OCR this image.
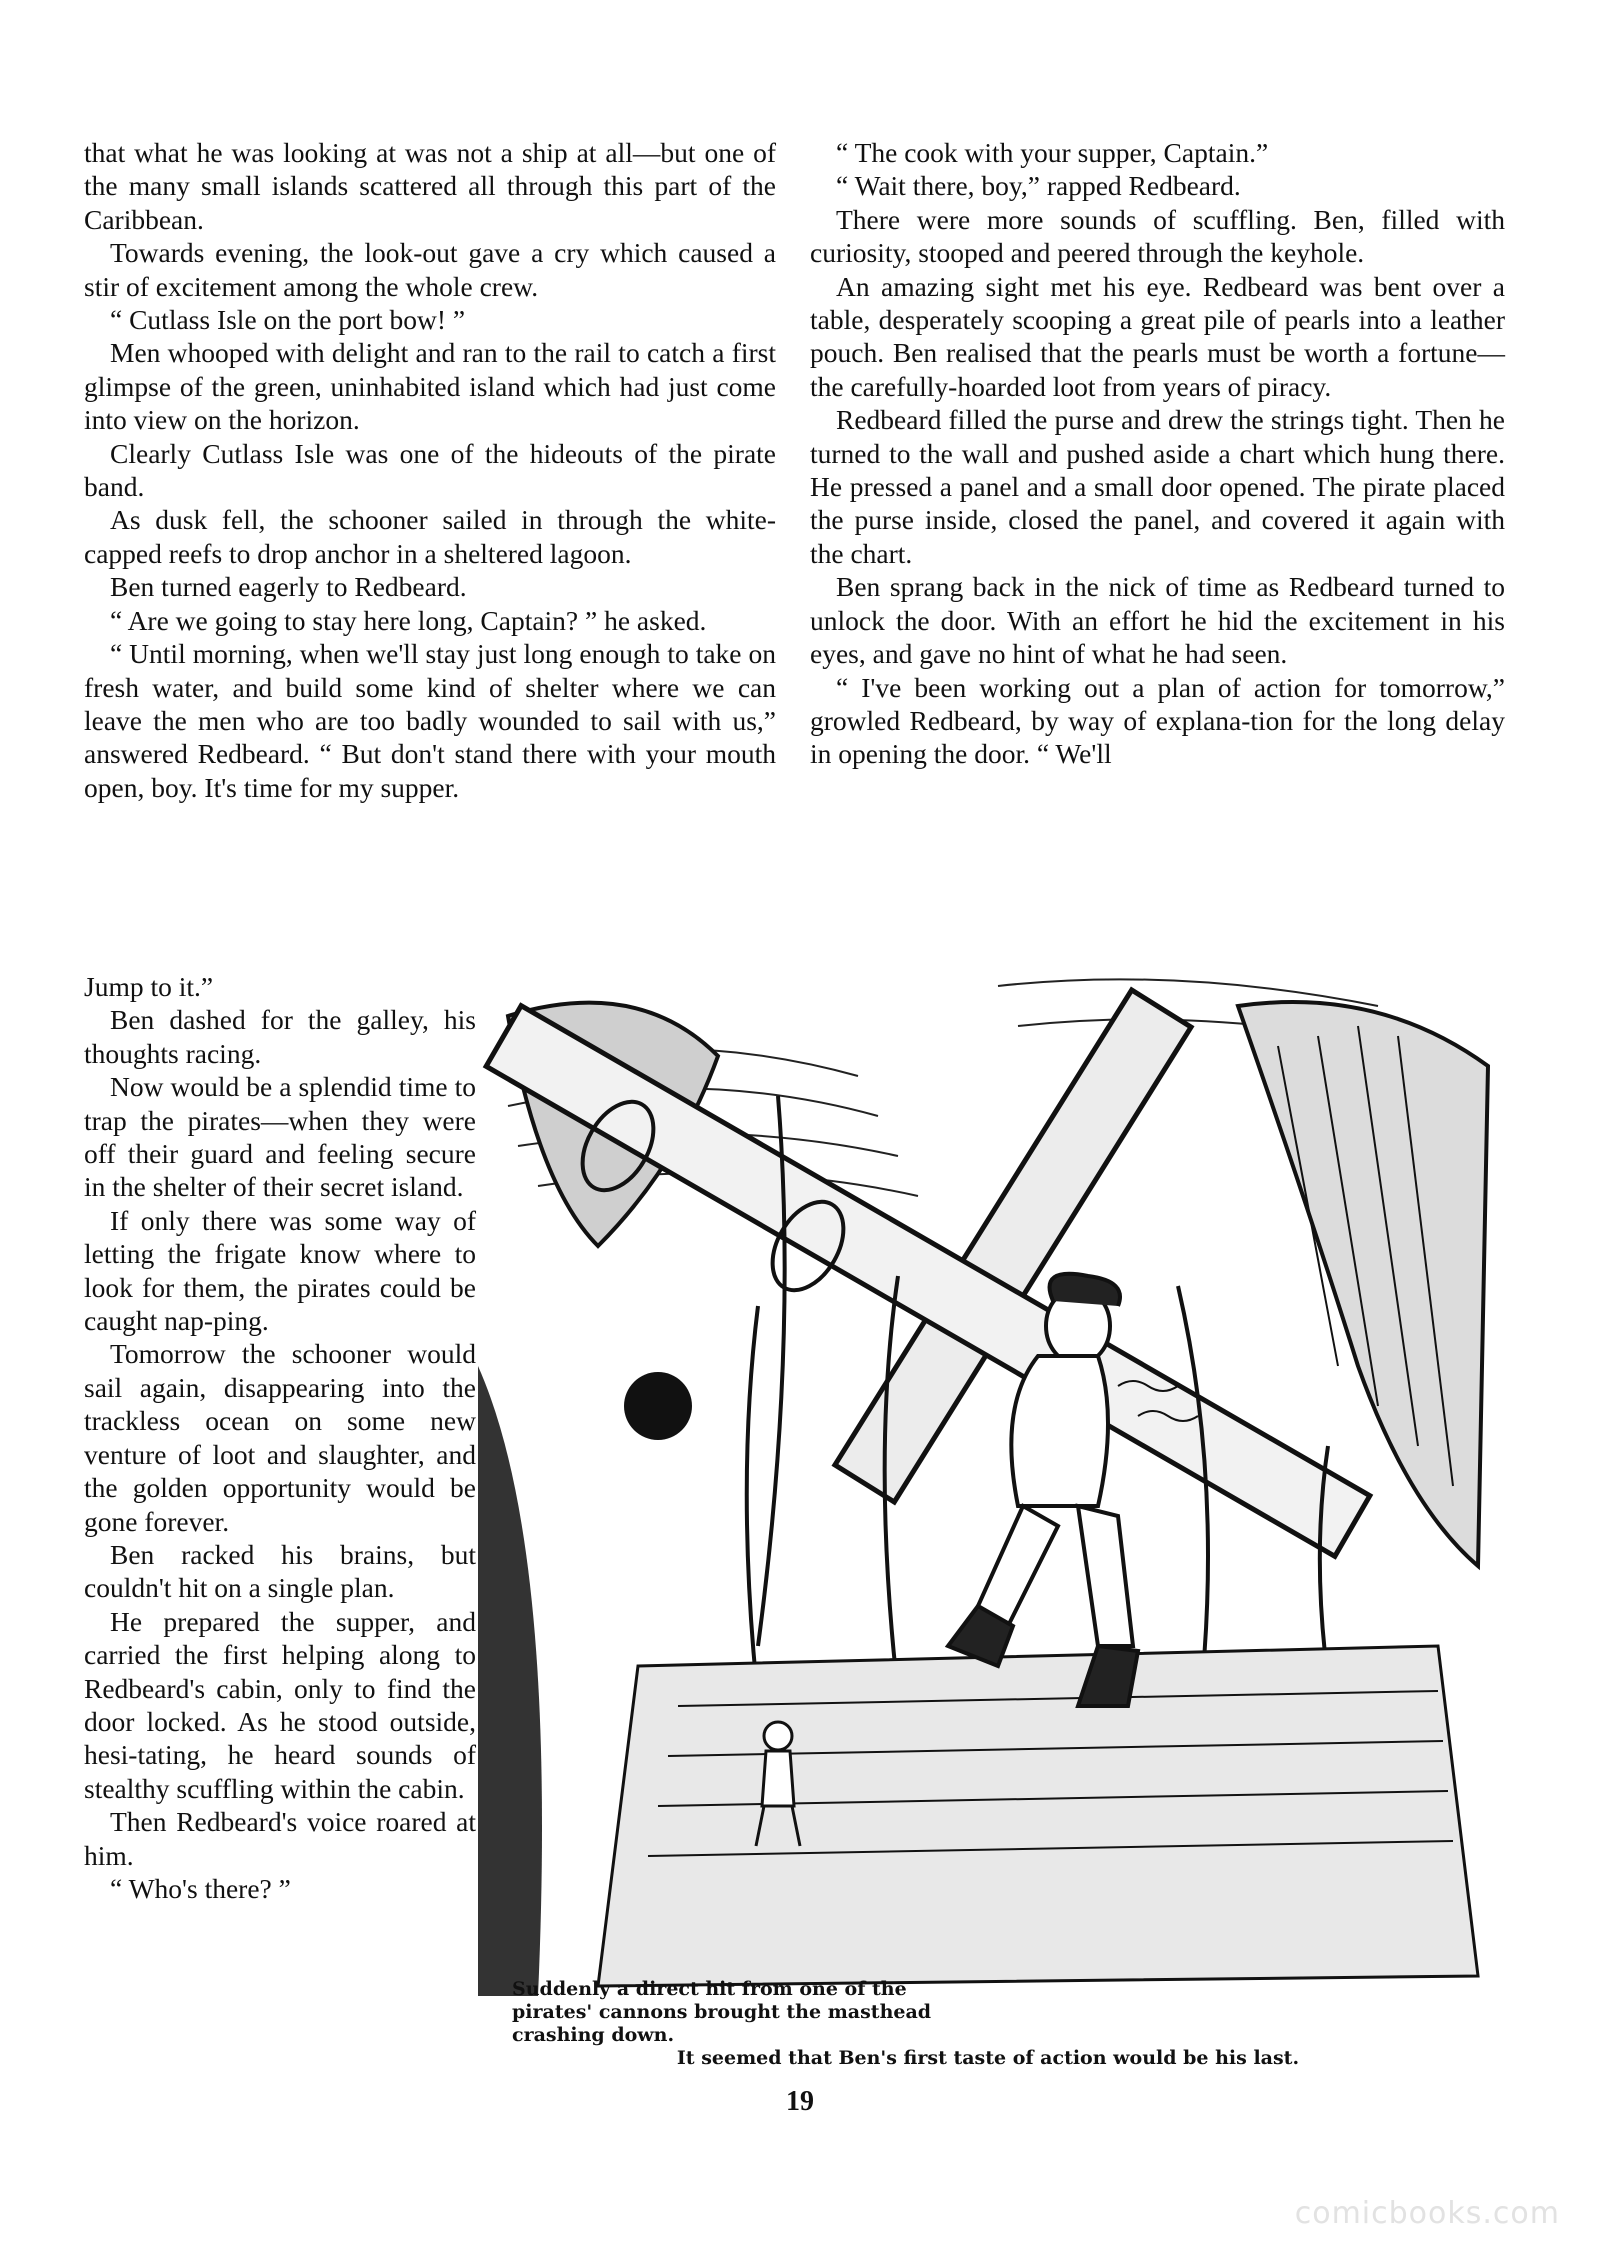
that what he was looking at was not a ship at all—but one of the many small islands scattered all through this part of the Caribbean.

Towards evening, the look-out gave a cry which caused a stir of excitement among the whole crew.

“ Cutlass Isle on the port bow! ”

Men whooped with delight and ran to the rail to catch a first glimpse of the green, uninhabited island which had just come into view on the horizon.

Clearly Cutlass Isle was one of the hideouts of the pirate band.

As dusk fell, the schooner sailed in through the white-capped reefs to drop anchor in a sheltered lagoon.

Ben turned eagerly to Redbeard.

“ Are we going to stay here long, Captain? ” he asked.

“ Until morning, when we'll stay just long enough to take on fresh water, and build some kind of shelter where we can leave the men who are too badly wounded to sail with us,” answered Redbeard. “ But don't stand there with your mouth open, boy. It's time for my supper.

Jump to it.”

Ben dashed for the galley, his thoughts racing.

Now would be a splendid time to trap the pirates—when they were off their guard and feeling secure in the shelter of their secret island.

If only there was some way of letting the frigate know where to look for them, the pirates could be caught nap-ping.

Tomorrow the schooner would sail again, disappearing into the trackless ocean on some new venture of loot and slaughter, and the golden opportunity would be gone forever.

Ben racked his brains, but couldn't hit on a single plan.

He prepared the supper, and carried the first helping along to Redbeard's cabin, only to find the door locked. As he stood outside, hesi-tating, he heard sounds of stealthy scuffling within the cabin.

Then Redbeard's voice roared at him.

“ Who's there? ”

“ The cook with your supper, Captain.”

“ Wait there, boy,” rapped Redbeard.

There were more sounds of scuffling. Ben, filled with curiosity, stooped and peered through the keyhole.

An amazing sight met his eye. Redbeard was bent over a table, desperately scooping a great pile of pearls into a leather pouch. Ben realised that the pearls must be worth a fortune—the carefully-hoarded loot from years of piracy.

Redbeard filled the purse and drew the strings tight. Then he turned to the wall and pushed aside a chart which hung there. He pressed a panel and a small door opened. The pirate placed the purse inside, closed the panel, and covered it again with the chart.

Ben sprang back in the nick of time as Redbeard turned to unlock the door. With an effort he hid the excitement in his eyes, and gave no hint of what he had seen.

“ I've been working out a plan of action for tomorrow,” growled Redbeard, by way of explana-tion for the long delay in opening the door. “ We'll

Suddenly a direct hit from one of the pirates' cannons brought the masthead crashing down.
It seemed that Ben's first taste of action would be his last.
19
comicbooks.com
